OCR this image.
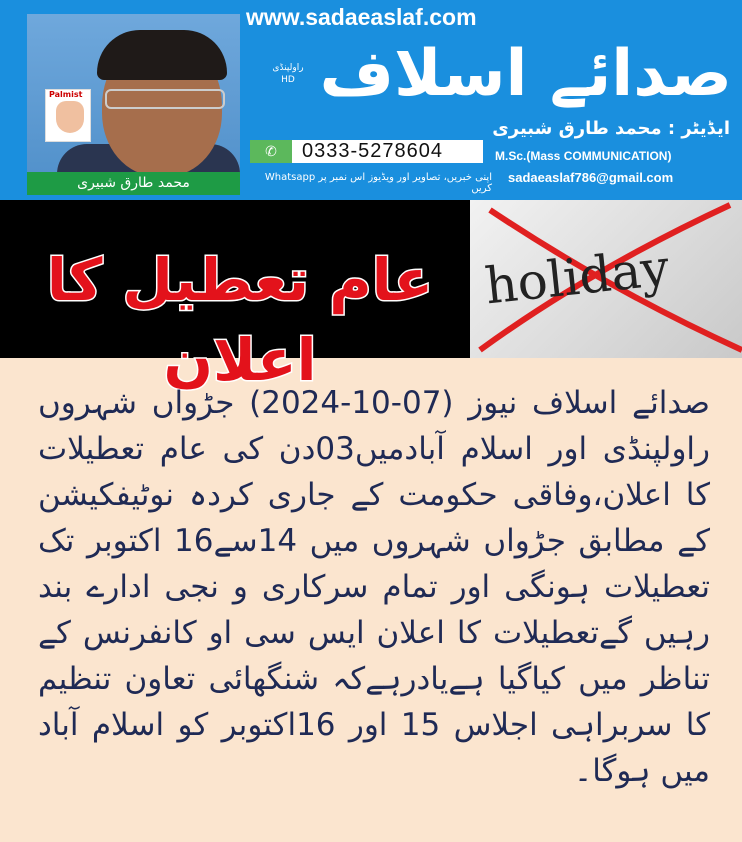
Palmist
محمد طارق شبیری
www.sadaeaslaf.com
راولپنڈی
HD
ایڈیٹر : محمد طارق شبیری
✆	0333-5278604	M.Sc.(Mass COMMUNICATION)
اپنی خبریں، تصاویر اور ویڈیوز اس نمبر پر Whatsapp کریں
sadaeaslaf786@gmail.com
صدائے اسلاف
عام تعطیل کا اعلان
holiday
صدائے اسلاف نیوز (07-10-2024) جڑواں شہروں
راولپنڈی اور اسلام آبادمیں03دن کی عام تعطیلات
کا اعلان،وفاقی حکومت کے جاری کردہ نوٹیفکیشن
کے مطابق جڑواں شہروں میں 14سے16 اکتوبر تک
تعطیلات ہونگی اور تمام سرکاری و نجی ادارے بند
رہیں گےتعطیلات کا اعلان ایس سی او کانفرنس کے
تناظر میں کیاگیا ہےیادرہےکہ شنگھائی تعاون تنظیم
کا سربراہی اجلاس 15 اور 16اکتوبر کو اسلام آباد
میں ہوگا۔
